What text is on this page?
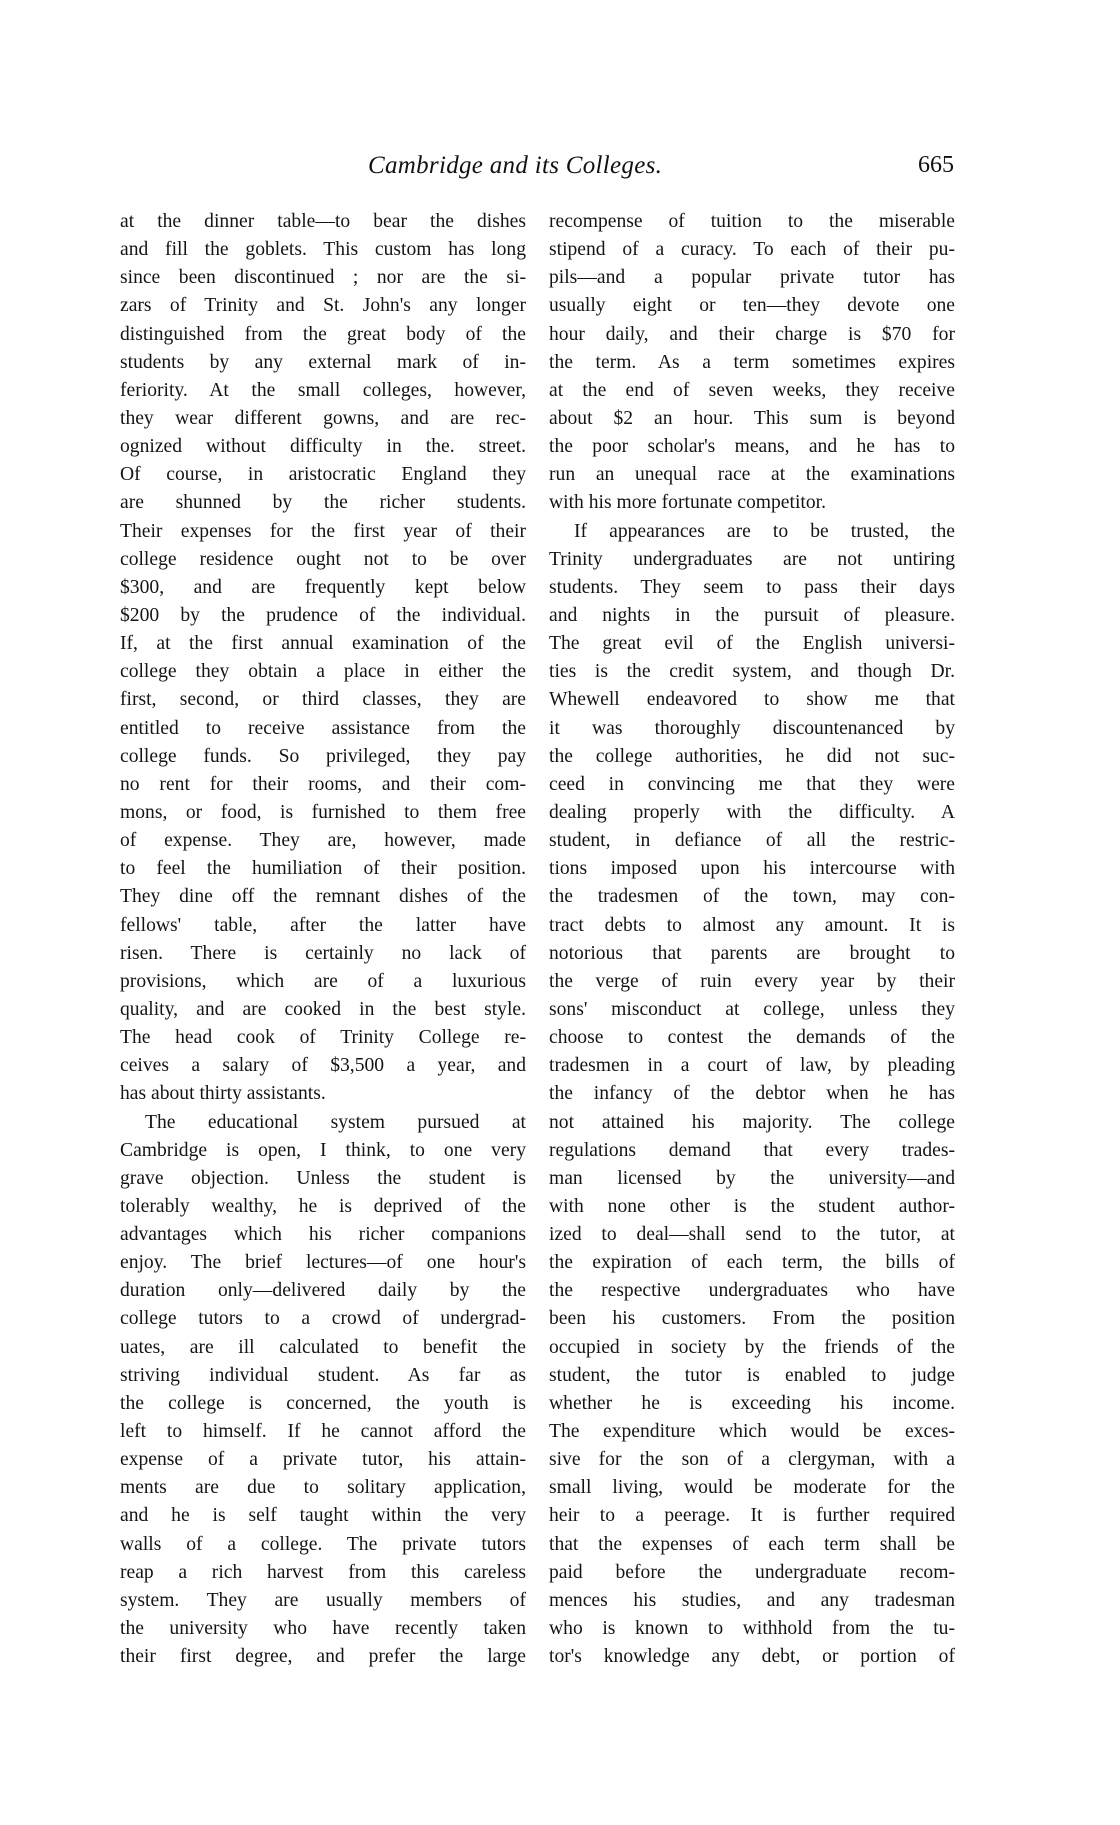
Cambridge and its Colleges.	665
at the dinner table—to bear the dishes
and fill the goblets. This custom has long
since been discontinued ; nor are the si-
zars of Trinity and St. John's any longer
distinguished from the great body of the
students by any external mark of in-
feriority. At the small colleges, however,
they wear different gowns, and are rec-
ognized without difficulty in the. street.
Of course, in aristocratic England they
are shunned by the richer students.
Their expenses for the first year of their
college residence ought not to be over
$300, and are frequently kept below
$200 by the prudence of the individual.
If, at the first annual examination of the
college they obtain a place in either the
first, second, or third classes, they are
entitled to receive assistance from the
college funds. So privileged, they pay
no rent for their rooms, and their com-
mons, or food, is furnished to them free
of expense. They are, however, made
to feel the humiliation of their position.
They dine off the remnant dishes of the
fellows' table, after the latter have
risen. There is certainly no lack of
provisions, which are of a luxurious
quality, and are cooked in the best style.
The head cook of Trinity College re-
ceives a salary of $3,500 a year, and
has about thirty assistants.
The educational system pursued at
Cambridge is open, I think, to one very
grave objection. Unless the student is
tolerably wealthy, he is deprived of the
advantages which his richer companions
enjoy. The brief lectures—of one hour's
duration only—delivered daily by the
college tutors to a crowd of undergrad-
uates, are ill calculated to benefit the
striving individual student. As far as
the college is concerned, the youth is
left to himself. If he cannot afford the
expense of a private tutor, his attain-
ments are due to solitary application,
and he is self taught within the very
walls of a college. The private tutors
reap a rich harvest from this careless
system. They are usually members of
the university who have recently taken
their first degree, and prefer the large
recompense of tuition to the miserable
stipend of a curacy. To each of their pu-
pils—and a popular private tutor has
usually eight or ten—they devote one
hour daily, and their charge is $70 for
the term. As a term sometimes expires
at the end of seven weeks, they receive
about $2 an hour. This sum is beyond
the poor scholar's means, and he has to
run an unequal race at the examinations
with his more fortunate competitor.
If appearances are to be trusted, the
Trinity undergraduates are not untiring
students. They seem to pass their days
and nights in the pursuit of pleasure.
The great evil of the English universi-
ties is the credit system, and though Dr.
Whewell endeavored to show me that
it was thoroughly discountenanced by
the college authorities, he did not suc-
ceed in convincing me that they were
dealing properly with the difficulty. A
student, in defiance of all the restric-
tions imposed upon his intercourse with
the tradesmen of the town, may con-
tract debts to almost any amount. It is
notorious that parents are brought to
the verge of ruin every year by their
sons' misconduct at college, unless they
choose to contest the demands of the
tradesmen in a court of law, by pleading
the infancy of the debtor when he has
not attained his majority. The college
regulations demand that every trades-
man licensed by the university—and
with none other is the student author-
ized to deal—shall send to the tutor, at
the expiration of each term, the bills of
the respective undergraduates who have
been his customers. From the position
occupied in society by the friends of the
student, the tutor is enabled to judge
whether he is exceeding his income.
The expenditure which would be exces-
sive for the son of a clergyman, with a
small living, would be moderate for the
heir to a peerage. It is further required
that the expenses of each term shall be
paid before the undergraduate recom-
mences his studies, and any tradesman
who is known to withhold from the tu-
tor's knowledge any debt, or portion of
